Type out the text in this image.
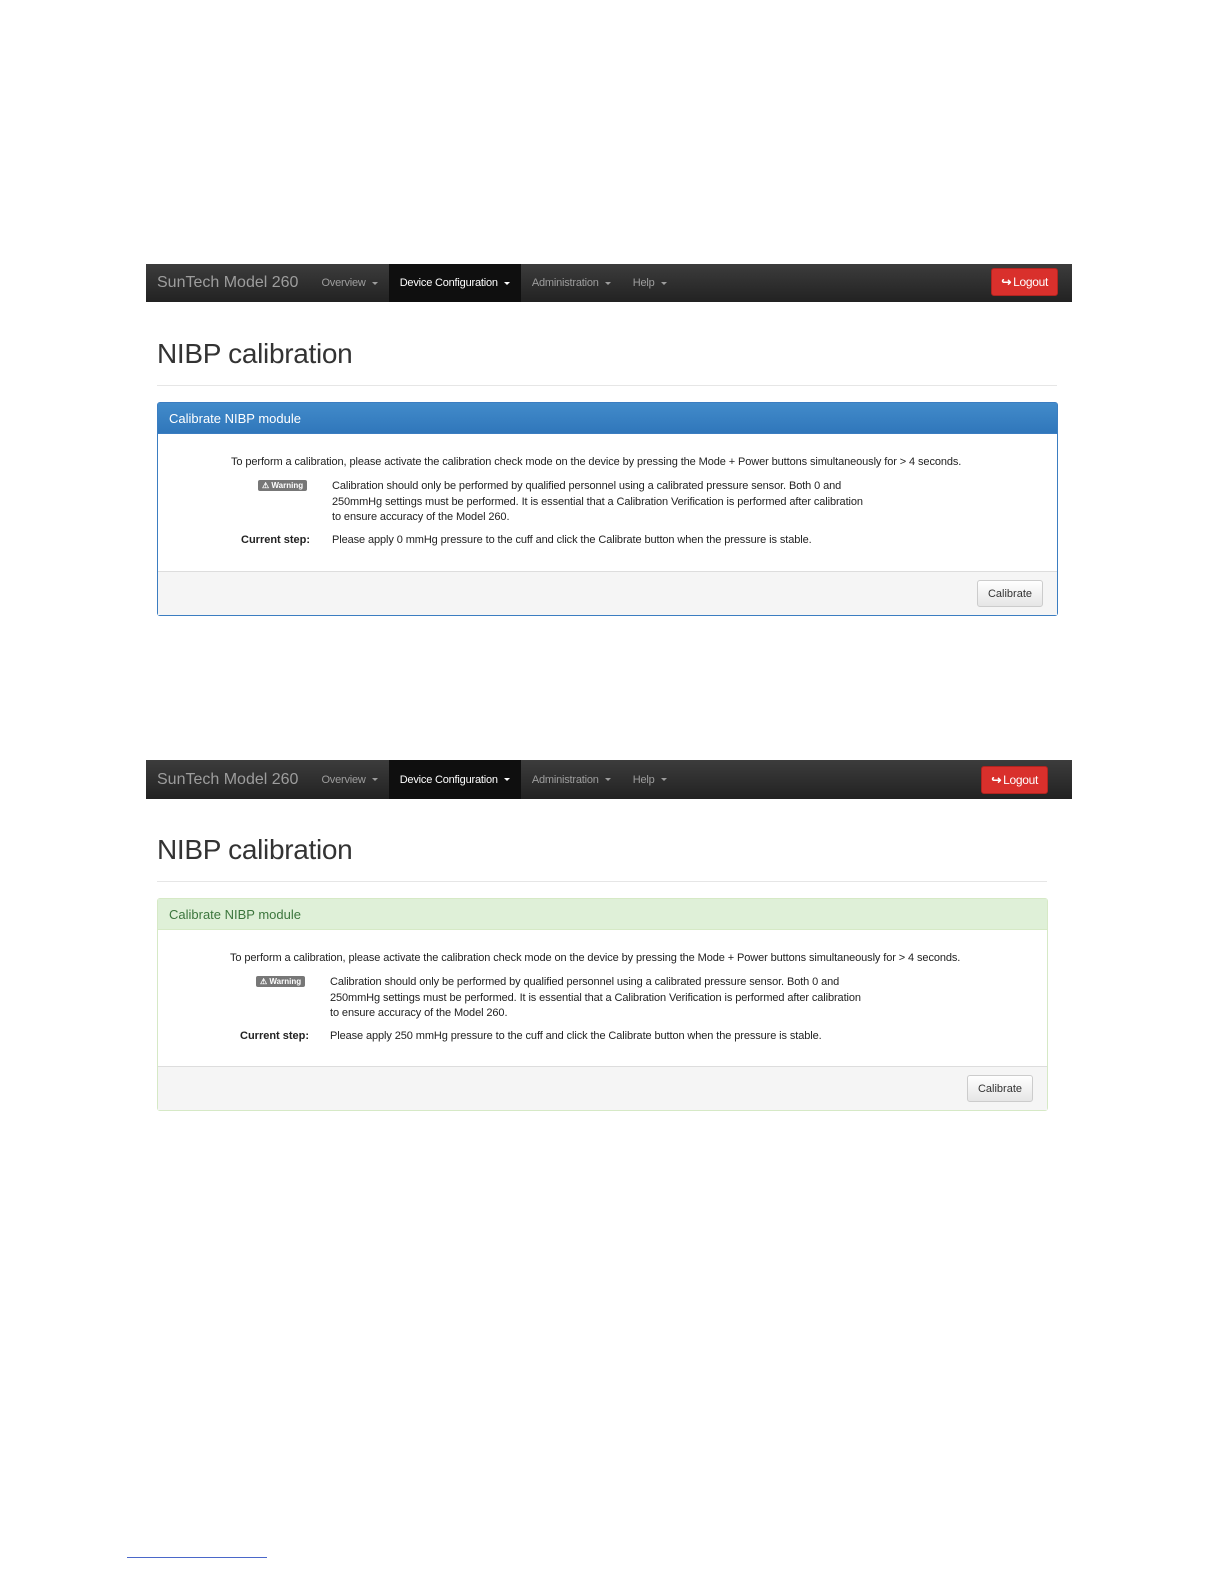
SunTech Model 260	Overview	Device Configuration	Administration	Help	↪ Logout
NIBP calibration
Calibrate NIBP module
To perform a calibration, please activate the calibration check mode on the device by pressing the Mode + Power buttons simultaneously for > 4 seconds.
⚠ Warning	Calibration should only be performed by qualified personnel using a calibrated pressure sensor. Both 0 and
250mmHg settings must be performed. It is essential that a Calibration Verification is performed after calibration
to ensure accuracy of the Model 260.
Current step: Please apply 0 mmHg pressure to the cuff and click the Calibrate button when the pressure is stable.
Calibrate
SunTech Model 260	Overview	Device Configuration	Administration	Help	↪ Logout
NIBP calibration
Calibrate NIBP module
To perform a calibration, please activate the calibration check mode on the device by pressing the Mode + Power buttons simultaneously for > 4 seconds.
⚠ Warning	Calibration should only be performed by qualified personnel using a calibrated pressure sensor. Both 0 and
250mmHg settings must be performed. It is essential that a Calibration Verification is performed after calibration
to ensure accuracy of the Model 260.
Current step: Please apply 250 mmHg pressure to the cuff and click the Calibrate button when the pressure is stable.
Calibrate
